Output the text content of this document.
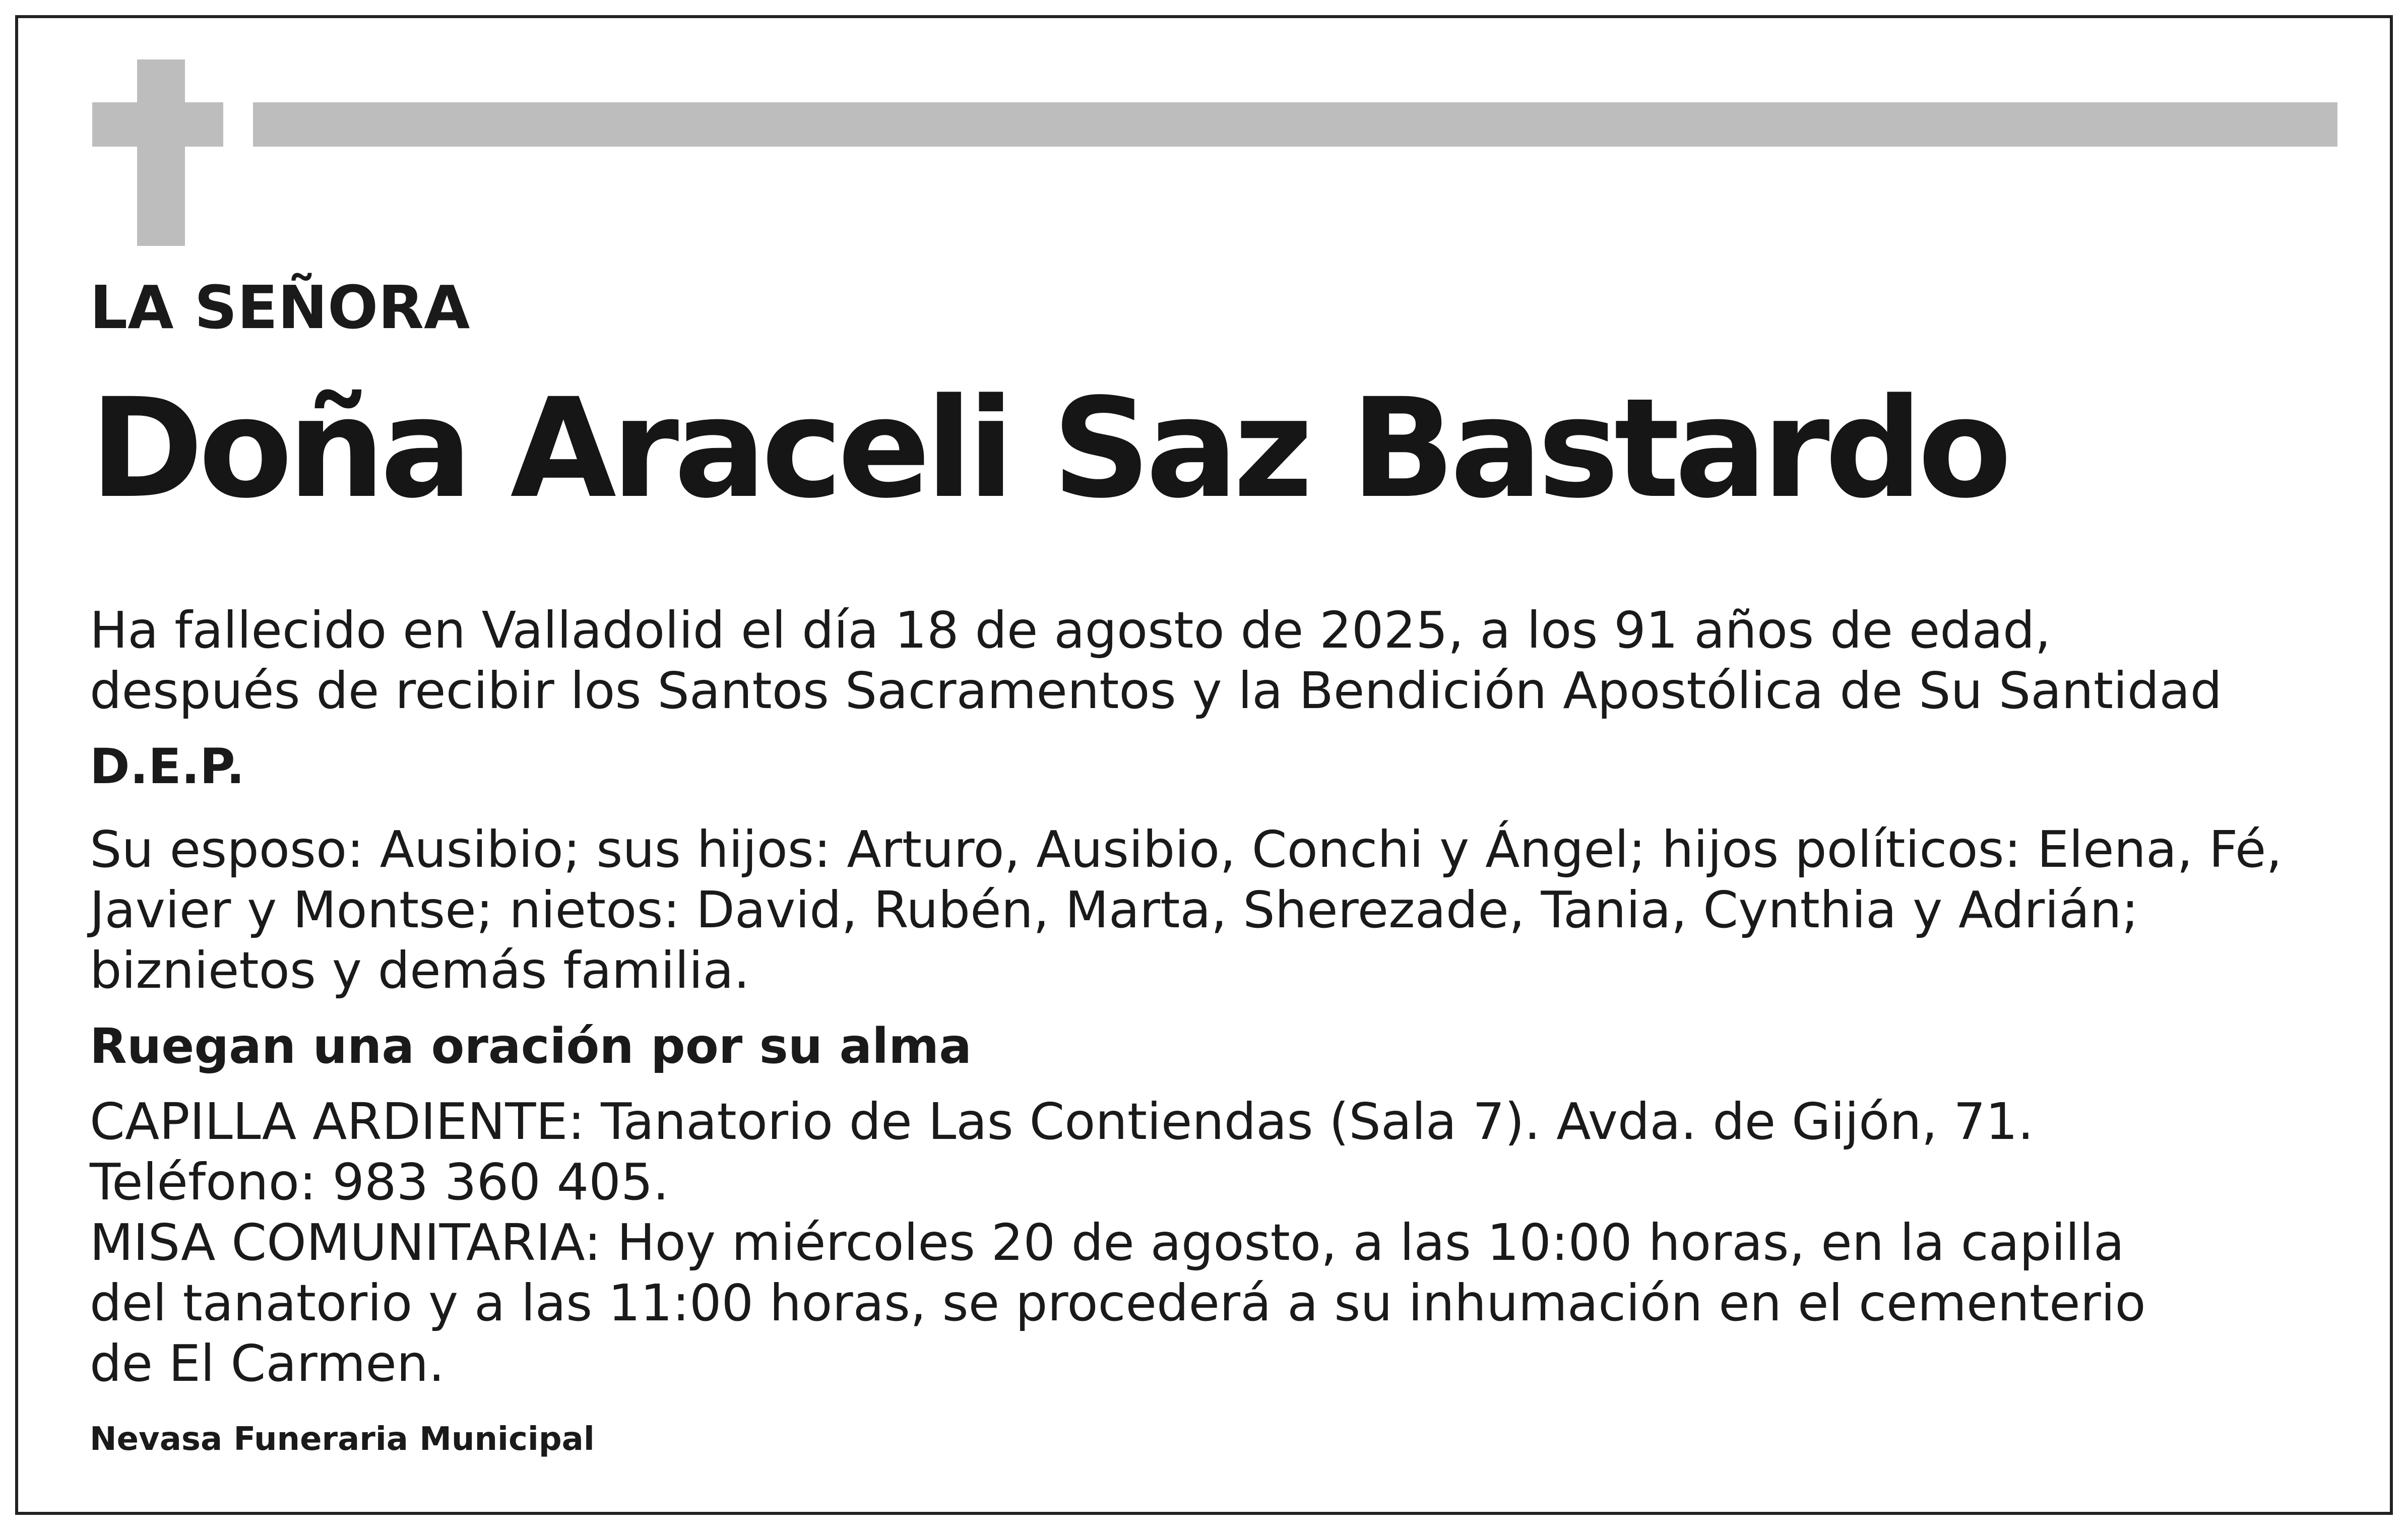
LA SEÑORA

Doña Araceli Saz Bastardo

Ha fallecido en Valladolid el día 18 de agosto de 2025, a los 91 años de edad,
después de recibir los Santos Sacramentos y la Bendición Apostólica de Su Santidad

D.E.P.

Su esposo: Ausibio; sus hijos: Arturo, Ausibio, Conchi y Ángel; hijos políticos: Elena, Fé,
Javier y Montse; nietos: David, Rubén, Marta, Sherezade, Tania, Cynthia y Adrián;
biznietos y demás familia.

Ruegan una oración por su alma

CAPILLA ARDIENTE: Tanatorio de Las Contiendas (Sala 7). Avda. de Gijón, 71.
Teléfono: 983 360 405.
MISA COMUNITARIA: Hoy miércoles 20 de agosto, a las 10:00 horas, en la capilla
del tanatorio y a las 11:00 horas, se procederá a su inhumación en el cementerio
de El Carmen.

Nevasa Funeraria Municipal
